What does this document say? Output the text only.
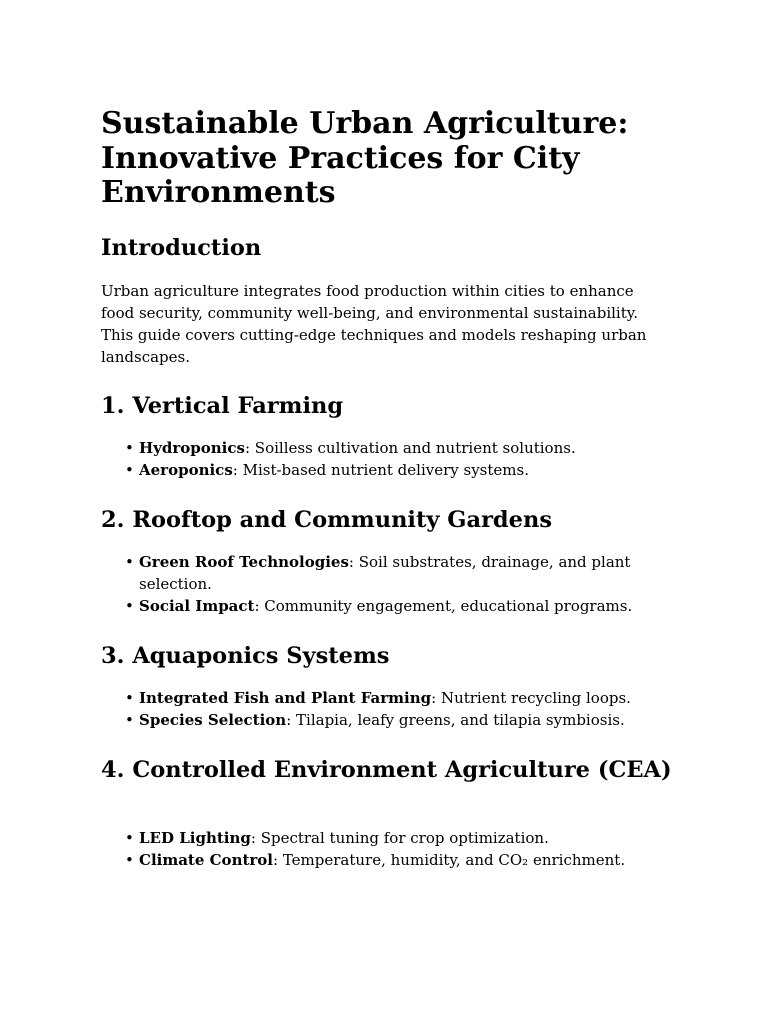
Sustainable Urban Agriculture: Innovative Practices for City Environments
Introduction

Urban agriculture integrates food production within cities to enhance food security, community well-being, and environmental sustainability. This guide covers cutting-edge techniques and models reshaping urban landscapes.

1. Vertical Farming
• Hydroponics: Soilless cultivation and nutrient solutions.
• Aeroponics: Mist-based nutrient delivery systems.
2. Rooftop and Community Gardens
• Green Roof Technologies: Soil substrates, drainage, and plant selection.
• Social Impact: Community engagement, educational programs.
3. Aquaponics Systems
• Integrated Fish and Plant Farming: Nutrient recycling loops.
• Species Selection: Tilapia, leafy greens, and tilapia symbiosis.
4. Controlled Environment Agriculture (CEA)
• LED Lighting: Spectral tuning for crop optimization.
• Climate Control: Temperature, humidity, and CO₂ enrichment.
